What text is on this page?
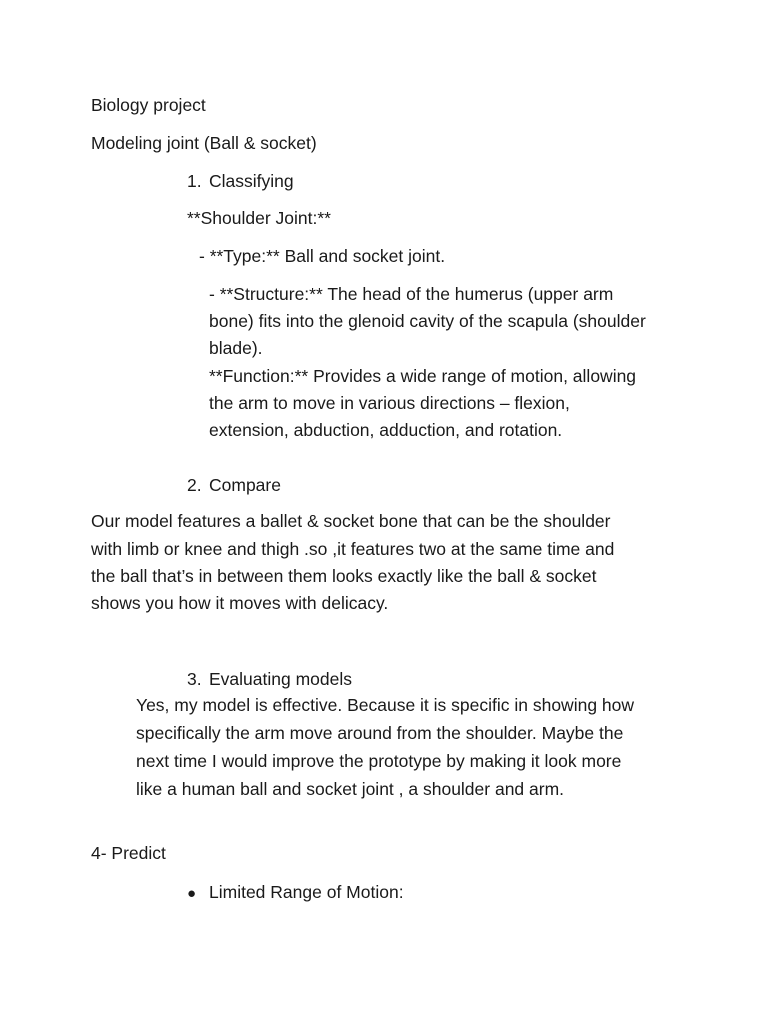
Biology project
Modeling joint (Ball & socket)
1. Classifying
**Shoulder Joint:**
- **Type:** Ball and socket joint.
- **Structure:** The head of the humerus (upper arm
bone) fits into the glenoid cavity of the scapula (shoulder
blade).
**Function:** Provides a wide range of motion, allowing
the arm to move in various directions – flexion,
extension, abduction, adduction, and rotation.
2. Compare
Our model features a ballet & socket bone that can be the shoulder
with limb or knee and thigh .so ,it features two at the same time and
the ball that’s in between them looks exactly like the ball & socket
shows you how it moves with delicacy.
3. Evaluating models
Yes, my model is effective. Because it is specific in showing how
specifically the arm move around from the shoulder. Maybe the
next time I would improve the prototype by making it look more
like a human ball and socket joint , a shoulder and arm.
4- Predict
● Limited Range of Motion:
